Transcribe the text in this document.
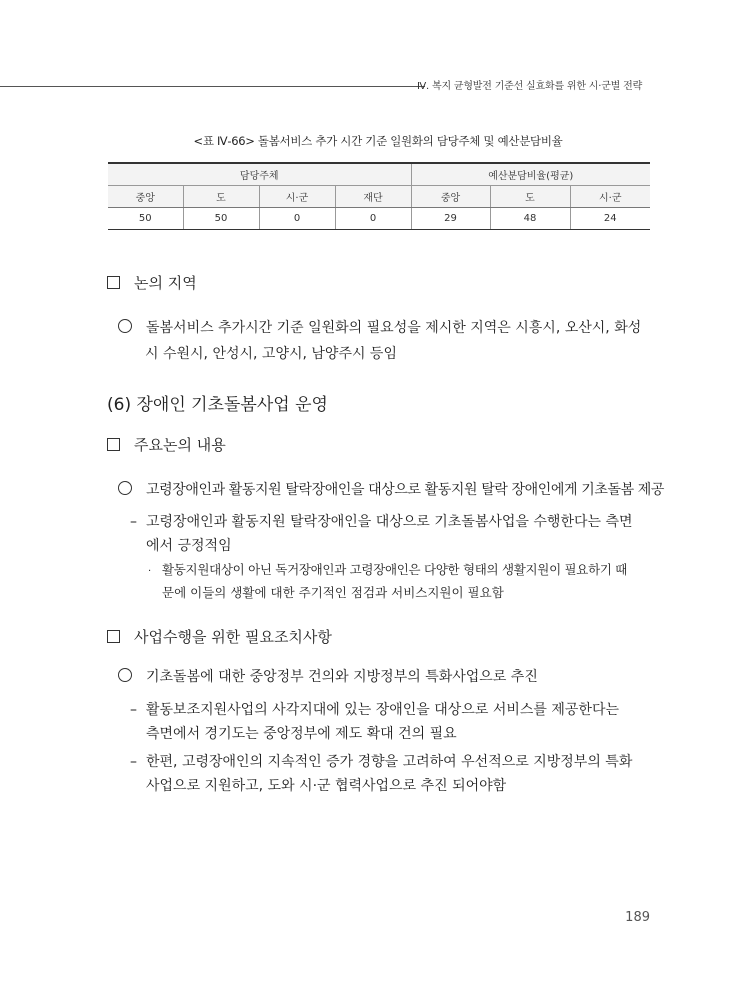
Ⅳ. 복지 균형발전 기준선 실효화를 위한 시·군별 전략
<표 Ⅳ-66> 돌봄서비스 추가 시간 기준 일원화의 담당주체 및 예산분담비율
담당주체				예산분담비율(평균)		
중앙	도	시·군	재단	중앙	도	시·군
50	50	0	0	29	48	24
논의 지역
돌봄서비스 추가시간 기준 일원화의 필요성을 제시한 지역은 시흥시, 오산시, 화성
시 수원시, 안성시, 고양시, 남양주시 등임
(6) 장애인 기초돌봄사업 운영
주요논의 내용
고령장애인과 활동지원 탈락장애인을 대상으로 활동지원 탈락 장애인에게 기초돌봄 제공
– 고령장애인과 활동지원 탈락장애인을 대상으로 기초돌봄사업을 수행한다는 측면
에서 긍정적임
· 활동지원대상이 아닌 독거장애인과 고령장애인은 다양한 형태의 생활지원이 필요하기 때
문에 이들의 생활에 대한 주기적인 점검과 서비스지원이 필요함
사업수행을 위한 필요조치사항
기초돌봄에 대한 중앙정부 건의와 지방정부의 특화사업으로 추진
– 활동보조지원사업의 사각지대에 있는 장애인을 대상으로 서비스를 제공한다는
측면에서 경기도는 중앙정부에 제도 확대 건의 필요
– 한편, 고령장애인의 지속적인 증가 경향을 고려하여 우선적으로 지방정부의 특화
사업으로 지원하고, 도와 시·군 협력사업으로 추진 되어야함
189
